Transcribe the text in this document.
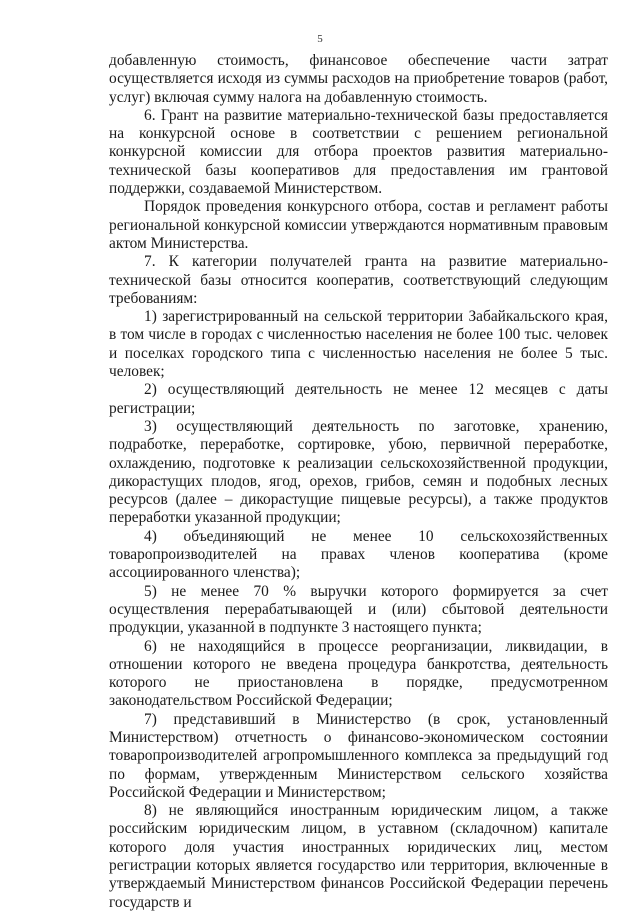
5

добавленную стоимость, финансовое обеспечение части затрат осуществляется исходя из суммы расходов на приобретение товаров (работ, услуг) включая сумму налога на добавленную стоимость.

6. Грант на развитие материально-технической базы предоставляется на конкурсной основе в соответствии с решением региональной конкурсной комиссии для отбора проектов развития материально-технической базы кооперативов для предоставления им грантовой поддержки, создаваемой Министерством.

Порядок проведения конкурсного отбора, состав и регламент работы региональной конкурсной комиссии утверждаются нормативным правовым актом Министерства.

7. К категории получателей гранта на развитие материально-технической базы относится кооператив, соответствующий следующим требованиям:

1) зарегистрированный на сельской территории Забайкальского края, в том числе в городах с численностью населения не более 100 тыс. человек и поселках городского типа с численностью населения не более 5 тыс. человек;

2) осуществляющий деятельность не менее 12 месяцев с даты регистрации;

3) осуществляющий деятельность по заготовке, хранению, подработке, переработке, сортировке, убою, первичной переработке, охлаждению, подготовке к реализации сельскохозяйственной продукции, дикорастущих плодов, ягод, орехов, грибов, семян и подобных лесных ресурсов (далее – дикорастущие пищевые ресурсы), а также продуктов переработки указанной продукции;

4) объединяющий не менее 10 сельскохозяйственных товаропроизводителей на правах членов кооператива (кроме ассоциированного членства);

5) не менее 70 % выручки которого формируется за счет осуществления перерабатывающей и (или) сбытовой деятельности продукции, указанной в подпункте 3 настоящего пункта;

6) не находящийся в процессе реорганизации, ликвидации, в отношении которого не введена процедура банкротства, деятельность которого не приостановлена в порядке, предусмотренном законодательством Российской Федерации;

7) представивший в Министерство (в срок, установленный Министерством) отчетность о финансово-экономическом состоянии товаропроизводителей агропромышленного комплекса за предыдущий год по формам, утвержденным Министерством сельского хозяйства Российской Федерации и Министерством;

8) не являющийся иностранным юридическим лицом, а также российским юридическим лицом, в уставном (складочном) капитале которого доля участия иностранных юридических лиц, местом регистрации которых является государство или территория, включенные в утверждаемый Министерством финансов Российской Федерации перечень государств и
